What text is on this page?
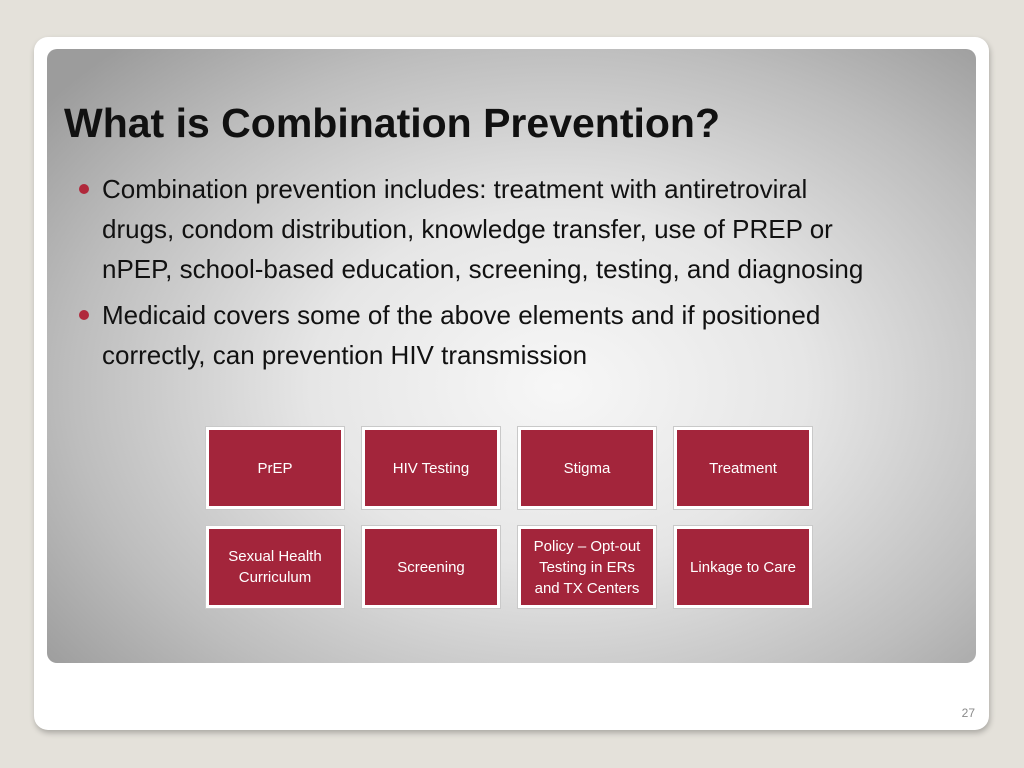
What is Combination Prevention?
Combination prevention includes: treatment with antiretroviral drugs, condom distribution, knowledge transfer, use of PREP or nPEP, school-based education, screening, testing, and diagnosing
Medicaid covers some of the above elements and if positioned correctly, can prevention HIV transmission
PrEP	HIV Testing	Stigma	Treatment
Sexual Health Curriculum
Screening
Policy – Opt-out Testing in ERs and TX Centers
Linkage to Care
27
